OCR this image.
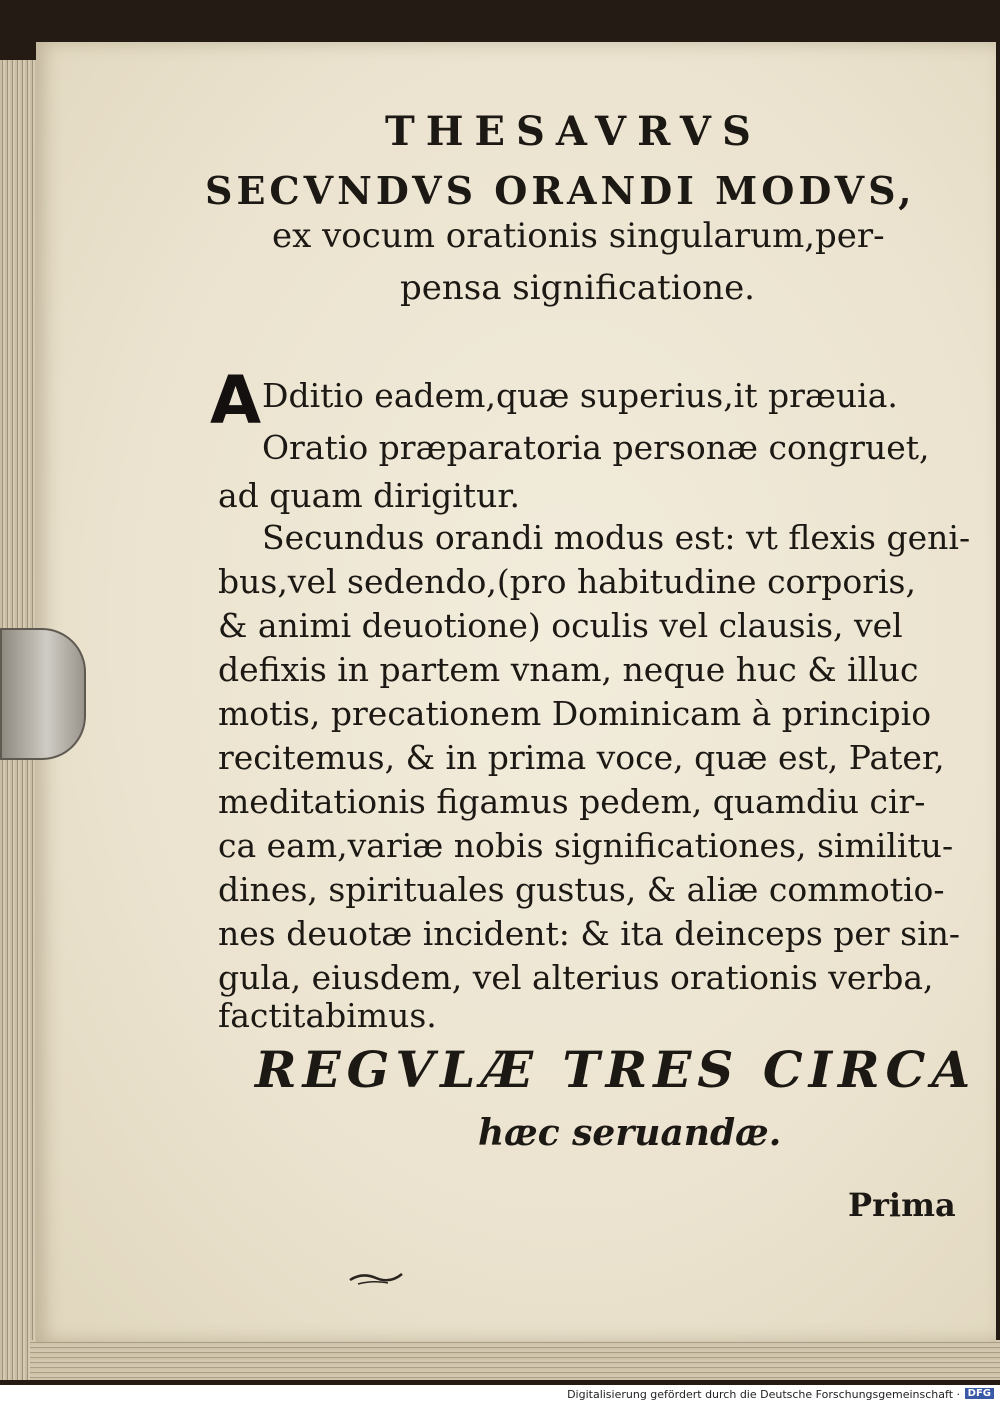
THESAVRVS
SECVNDVS ORANDI MODVS,
ex vocum orationis singularum,per-
pensa significatione.
A Dditio eadem,quæ superius,it præuia.
Oratio præparatoria personæ congruet,
ad quam dirigitur.
Secundus orandi modus est: vt flexis geni-
bus,vel sedendo,(pro habitudine corporis,
& animi deuotione) oculis vel clausis, vel
defixis in partem vnam, neque huc & illuc
motis, precationem Dominicam à principio
recitemus, & in prima voce, quæ est, Pater,
meditationis figamus pedem, quamdiu cir-
ca eam,variæ nobis significationes, similitu-
dines, spirituales gustus, & aliæ commotio-
nes deuotæ incident: & ita deinceps per sin-
gula, eiusdem, vel alterius orationis verba,
factitabimus.
REGVLÆ TRES CIRCA
hæc seruandæ.
Prima
Digitalisierung gefördert durch die Deutsche Forschungsgemeinschaft · DFG
